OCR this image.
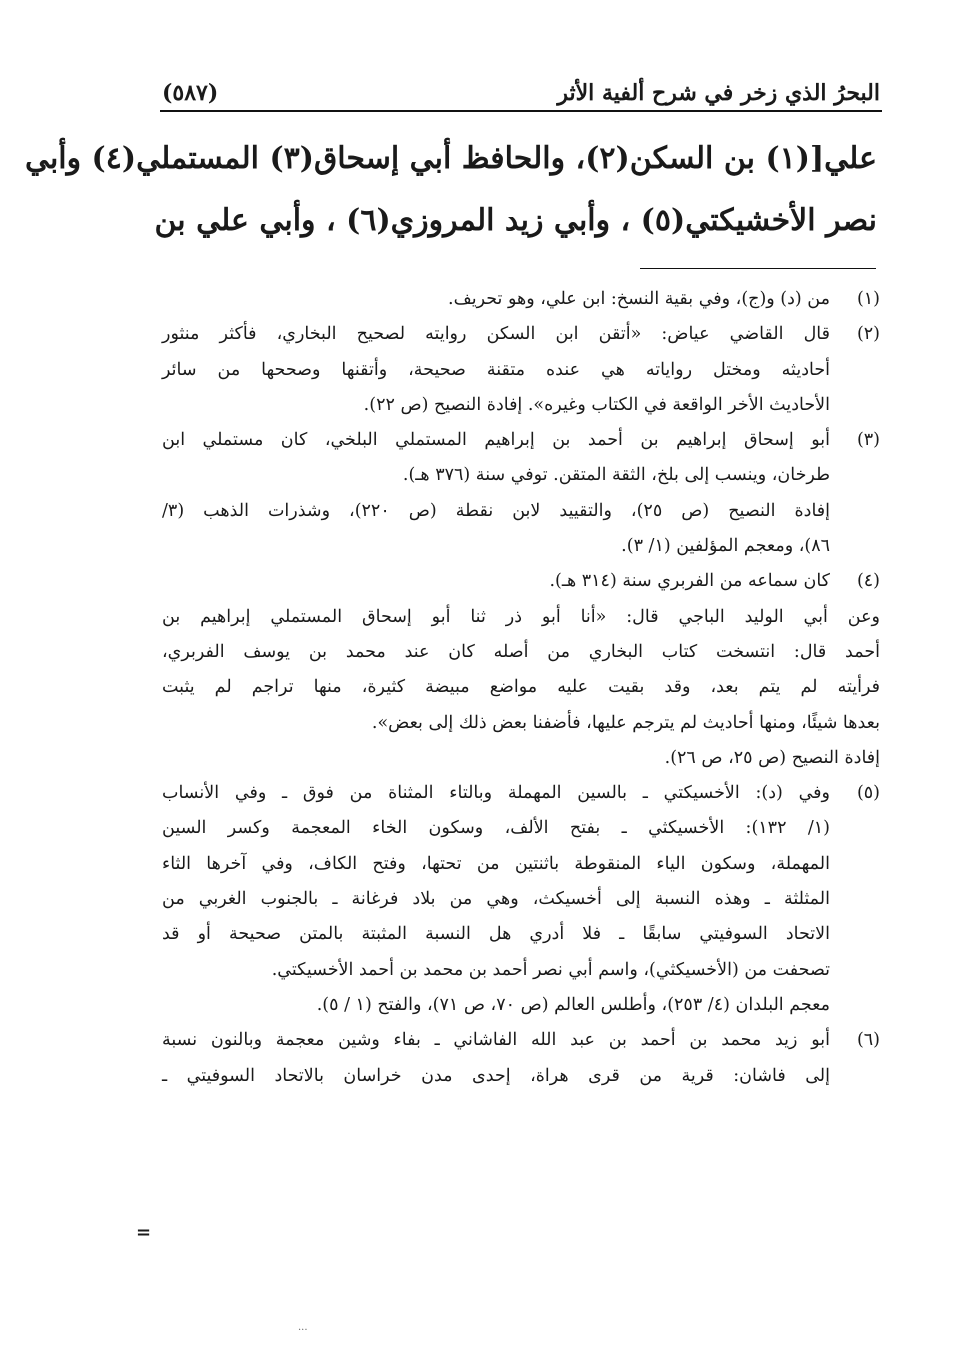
البحرُ الذي زخر في شرح ألفية الأثر
(٥٨٧)
علي[(١) بن السكن(٢)، والحافظ أبي إسحاق(٣) المستملي(٤) وأبي
نصر الأخشيكتي(٥) ، وأبي زيد المروزي(٦) ، وأبي علي بن
(١)
من (د) و(ج)، وفي بقية النسخ: ابن علي، وهو تحريف.
(٢)
قال القاضي عياض: «أتقن ابن السكن روايته لصحيح البخاري، فأكثر منثور
أحاديثه ومختل رواياته هي عنده متقنة صحيحة، وأتقنها وصححها من سائر
الأحاديث الأخر الواقعة في الكتاب وغيره». إفادة النصيح (ص ٢٢).
(٣)
أبو إسحاق إبراهيم بن أحمد بن إبراهيم المستملي البلخي، كان مستملي ابن
طرخان، وينسب إلى بلخ، الثقة المتقن. توفي سنة (٣٧٦ هـ).
إفادة النصيح (ص ٢٥)، والتقييد لابن نقطة (ص ٢٢٠)، وشذرات الذهب (٣/
٨٦)، ومعجم المؤلفين (١/ ٣).
(٤)
كان سماعه من الفربري سنة (٣١٤ هـ).
وعن أبي الوليد الباجي قال: «أنا أبو ذر ثنا أبو إسحاق المستملي إبراهيم بن
أحمد قال: انتسخت كتاب البخاري من أصله كان عند محمد بن يوسف الفربري،
فرأيته لم يتم بعد، وقد بقيت عليه مواضع مبيضة كثيرة، منها تراجم لم يثبت
بعدها شيئًا، ومنها أحاديث لم يترجم عليها، فأضفنا بعض ذلك إلى بعض».
إفادة النصيح (ص ٢٥، ص ٢٦).
(٥)
وفي (د): الأخسيكتي ـ بالسين المهملة وبالتاء المثناة من فوق ـ وفي الأنساب
(١/ ١٣٢): الأخسيكثي ـ بفتح الألف، وسكون الخاء المعجمة وكسر السين
المهملة، وسكون الياء المنقوطة باثنتين من تحتها، وفتح الكاف، وفي آخرها الثاء
المثلثة ـ وهذه النسبة إلى أخسيكث، وهي من بلاد فرغانة ـ بالجنوب الغربي من
الاتحاد السوفيتي سابقًا ـ فلا أدري هل النسبة المثبتة بالمتن صحيحة أو قد
تصحفت من (الأخسيكثي)، واسم أبي نصر أحمد بن محمد بن أحمد الأخسيكتي.
معجم البلدان (٤/ ٢٥٣)، وأطلس العالم (ص ٧٠، ص ٧١)، والفتح (١ / ٥).
(٦)
أبو زيد محمد بن أحمد بن عبد الله الفاشاني ـ بفاء وشين معجمة وبالنون نسبة
إلى فاشان: قرية من قرى هراة، إحدى مدن خراسان بالاتحاد السوفيتي ـ
=
...
